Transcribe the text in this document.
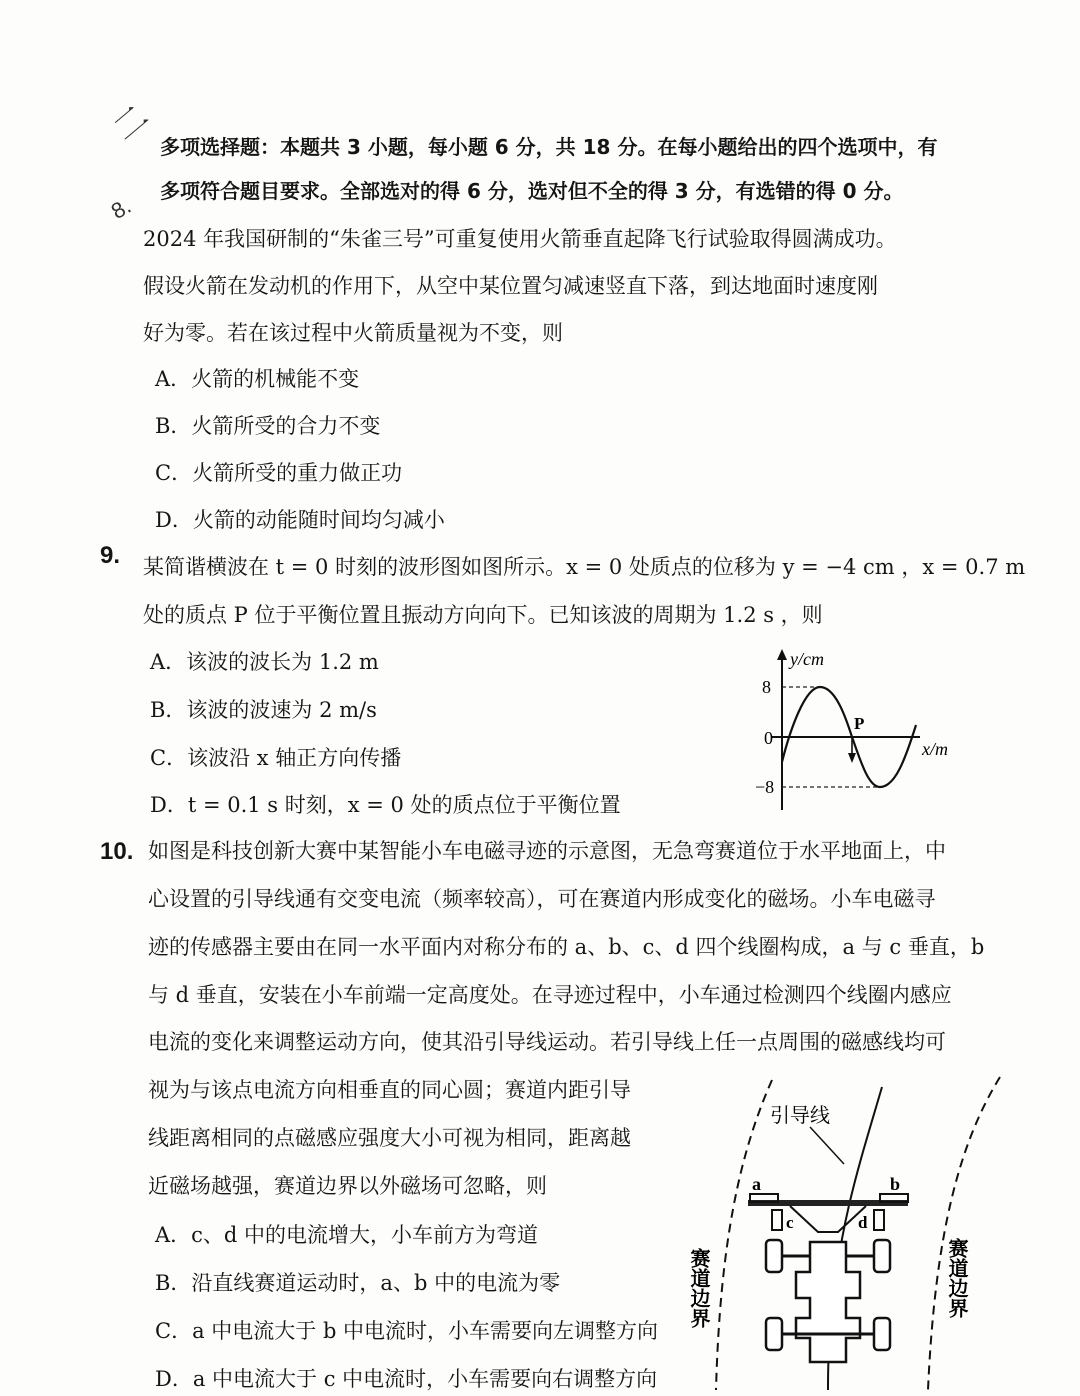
二
8.
多项选择题：本题共 3 小题，每小题 6 分，共 18 分。在每小题给出的四个选项中，有
多项符合题目要求。全部选对的得 6 分，选对但不全的得 3 分，有选错的得 0 分。
2024 年我国研制的“朱雀三号”可重复使用火箭垂直起降飞行试验取得圆满成功。
假设火箭在发动机的作用下，从空中某位置匀减速竖直下落，到达地面时速度刚
好为零。若在该过程中火箭质量视为不变，则
A．火箭的机械能不变
B．火箭所受的合力不变
C．火箭所受的重力做正功
D．火箭的动能随时间均匀减小
9. 某简谐横波在 t = 0 时刻的波形图如图所示。x = 0 处质点的位移为 y = −4 cm ，x = 0.7 m
处的质点 P 位于平衡位置且振动方向向下。已知该波的周期为 1.2 s ，则
A．该波的波长为 1.2 m
B．该波的波速为 2 m/s
C．该波沿 x 轴正方向传播
D．t = 0.1 s 时刻，x = 0 处的质点位于平衡位置
y/cm
x/m
8
0
−8
P
10. 如图是科技创新大赛中某智能小车电磁寻迹的示意图，无急弯赛道位于水平地面上，中
心设置的引导线通有交变电流（频率较高），可在赛道内形成变化的磁场。小车电磁寻
迹的传感器主要由在同一水平面内对称分布的 a、b、c、d 四个线圈构成，a 与 c 垂直，b
与 d 垂直，安装在小车前端一定高度处。在寻迹过程中，小车通过检测四个线圈内感应
电流的变化来调整运动方向，使其沿引导线运动。若引导线上任一点周围的磁感线均可
视为与该点电流方向相垂直的同心圆；赛道内距引导
线距离相同的点磁感应强度大小可视为相同，距离越
近磁场越强，赛道边界以外磁场可忽略，则
A．c、d 中的电流增大，小车前方为弯道
B．沿直线赛道运动时，a、b 中的电流为零
C．a 中电流大于 b 中电流时，小车需要向左调整方向
D．a 中电流大于 c 中电流时，小车需要向右调整方向
引导线
a	b
c	d
赛道边界	赛道边界
